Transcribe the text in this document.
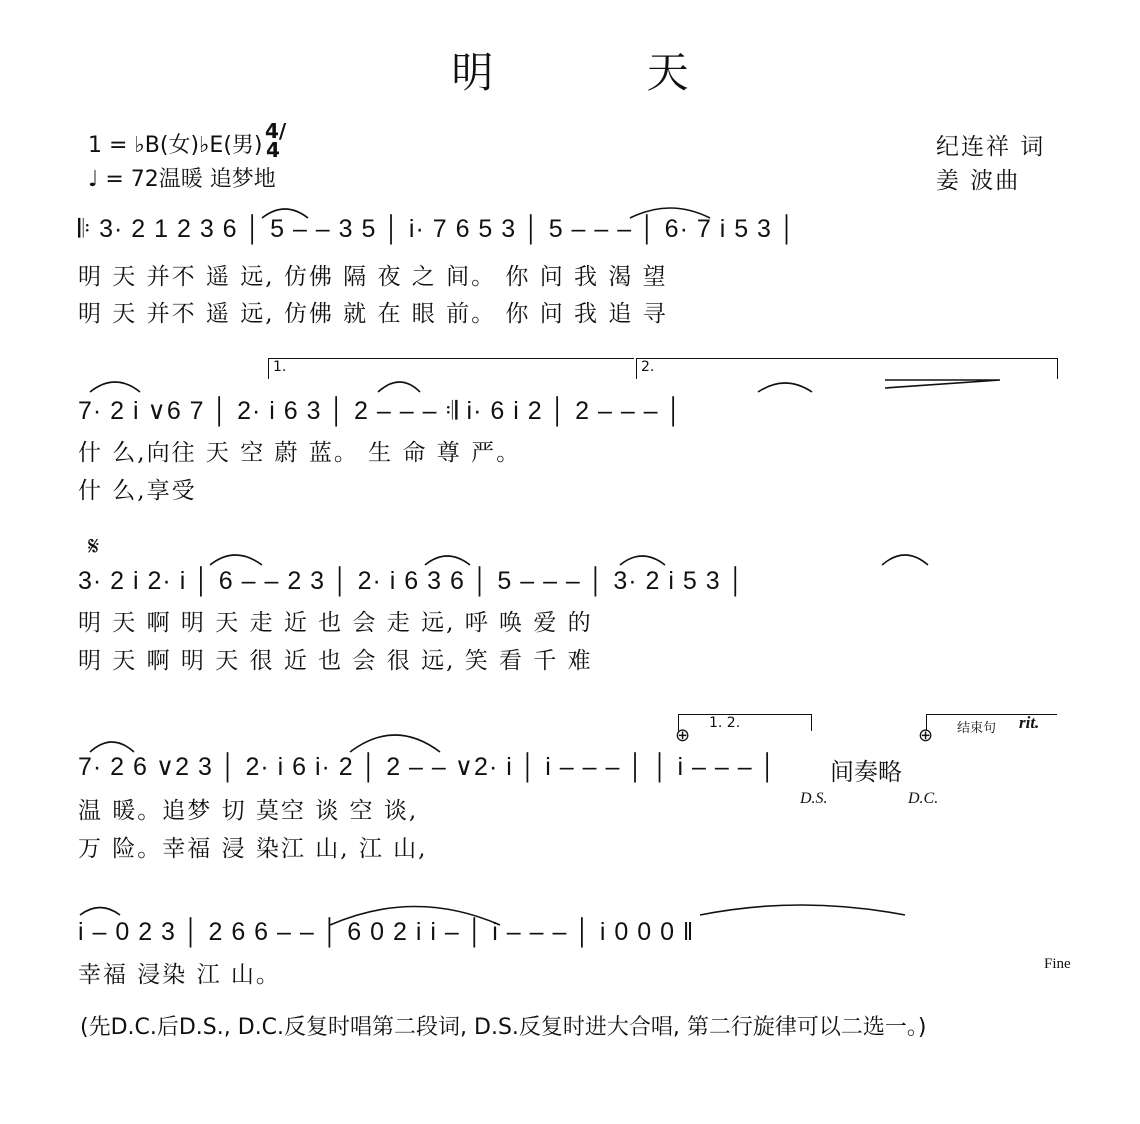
明 天
1 = ♭B(女)♭E(男)
4/4
♩ = 72温暖 追梦地
纪连祥 词
姜 波曲
𝄆 3· 2 1 2 3 6 │ 5 – – 3 5 │ i· 7 6 5 3 │ 5 – – – │ 6· 7 i 5 3 │
明 天 并不 遥 远, 仿佛 隔 夜 之 间。 你 问 我 渴 望
明 天 并不 遥 远, 仿佛 就 在 眼 前。 你 问 我 追 寻
1.	2.
7· 2 i ∨6 7 │ 2· i 6 3 │ 2 – – – 𝄇 i· 6 i 2 │ 2 – – – │
什 么,向往 天 空 蔚 蓝。 生 命 尊 严。
什 么,享受
𝄋
3· 2 i 2· i │ 6 – – 2 3 │ 2· i 6 3 6 │ 5 – – – │ 3· 2 i 5 3 │
明 天 啊 明 天 走 近 也 会 走 远, 呼 唤 爱 的
明 天 啊 明 天 很 近 也 会 很 远, 笑 看 千 难
1. 2.	结束句 rit.
⊕	⊕
7· 2 6 ∨2 3 │ 2· i 6 i· 2 │ 2 – – ∨2· i │ i – – – │ │ i – – – │	间奏略
D.S.	D.C.
温 暖。追梦 切 莫空 谈 空 谈,
万 险。幸福 浸 染江 山, 江 山,
i – 0 2 3 │ 2 6 6 – – │ 6 0 2 i i – │ i – – – │ i 0 0 0 ‖
幸福 浸染 江 山。	Fine
(先D.C.后D.S., D.C.反复时唱第二段词, D.S.反复时进大合唱, 第二行旋律可以二选一。)
